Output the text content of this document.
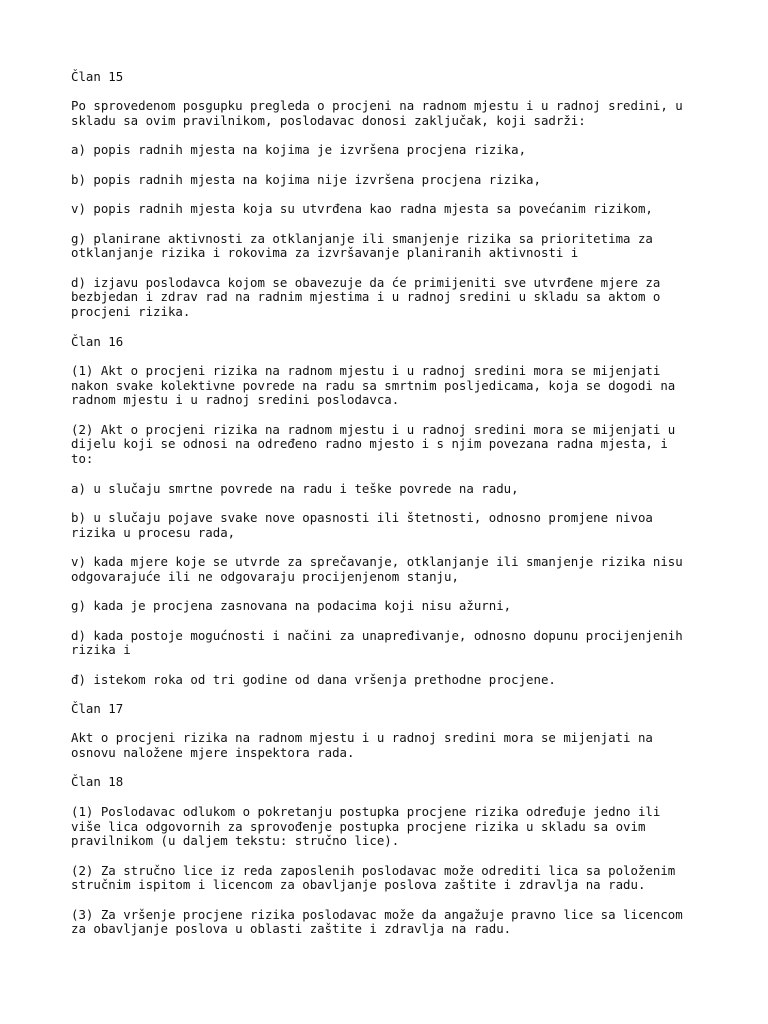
Član 15

Po sprovedenom posgupku pregleda o procjeni na radnom mjestu i u radnoj sredini, u
skladu sa ovim pravilnikom, poslodavac donosi zaključak, koji sadrži:

a) popis radnih mjesta na kojima je izvršena procjena rizika,

b) popis radnih mjesta na kojima nije izvršena procjena rizika,

v) popis radnih mjesta koja su utvrđena kao radna mjesta sa povećanim rizikom,

g) planirane aktivnosti za otklanjanje ili smanjenje rizika sa prioritetima za
otklanjanje rizika i rokovima za izvršavanje planiranih aktivnosti i

d) izjavu poslodavca kojom se obavezuje da će primijeniti sve utvrđene mjere za
bezbjedan i zdrav rad na radnim mjestima i u radnoj sredini u skladu sa aktom o
procjeni rizika.

Član 16

(1) Akt o procjeni rizika na radnom mjestu i u radnoj sredini mora se mijenjati
nakon svake kolektivne povrede na radu sa smrtnim posljedicama, koja se dogodi na
radnom mjestu i u radnoj sredini poslodavca.

(2) Akt o procjeni rizika na radnom mjestu i u radnoj sredini mora se mijenjati u
dijelu koji se odnosi na određeno radno mjesto i s njim povezana radna mjesta, i
to:

a) u slučaju smrtne povrede na radu i teške povrede na radu,

b) u slučaju pojave svake nove opasnosti ili štetnosti, odnosno promjene nivoa
rizika u procesu rada,

v) kada mjere koje se utvrde za sprečavanje, otklanjanje ili smanjenje rizika nisu
odgovarajuće ili ne odgovaraju procijenjenom stanju,

g) kada je procjena zasnovana na podacima koji nisu ažurni,

d) kada postoje mogućnosti i načini za unapređivanje, odnosno dopunu procijenjenih
rizika i

đ) istekom roka od tri godine od dana vršenja prethodne procjene.

Član 17

Akt o procjeni rizika na radnom mjestu i u radnoj sredini mora se mijenjati na
osnovu naložene mjere inspektora rada.

Član 18

(1) Poslodavac odlukom o pokretanju postupka procjene rizika određuje jedno ili
više lica odgovornih za sprovođenje postupka procjene rizika u skladu sa ovim
pravilnikom (u daljem tekstu: stručno lice).

(2) Za stručno lice iz reda zaposlenih poslodavac može odrediti lica sa položenim
stručnim ispitom i licencom za obavljanje poslova zaštite i zdravlja na radu.

(3) Za vršenje procjene rizika poslodavac može da angažuje pravno lice sa licencom
za obavljanje poslova u oblasti zaštite i zdravlja na radu.
